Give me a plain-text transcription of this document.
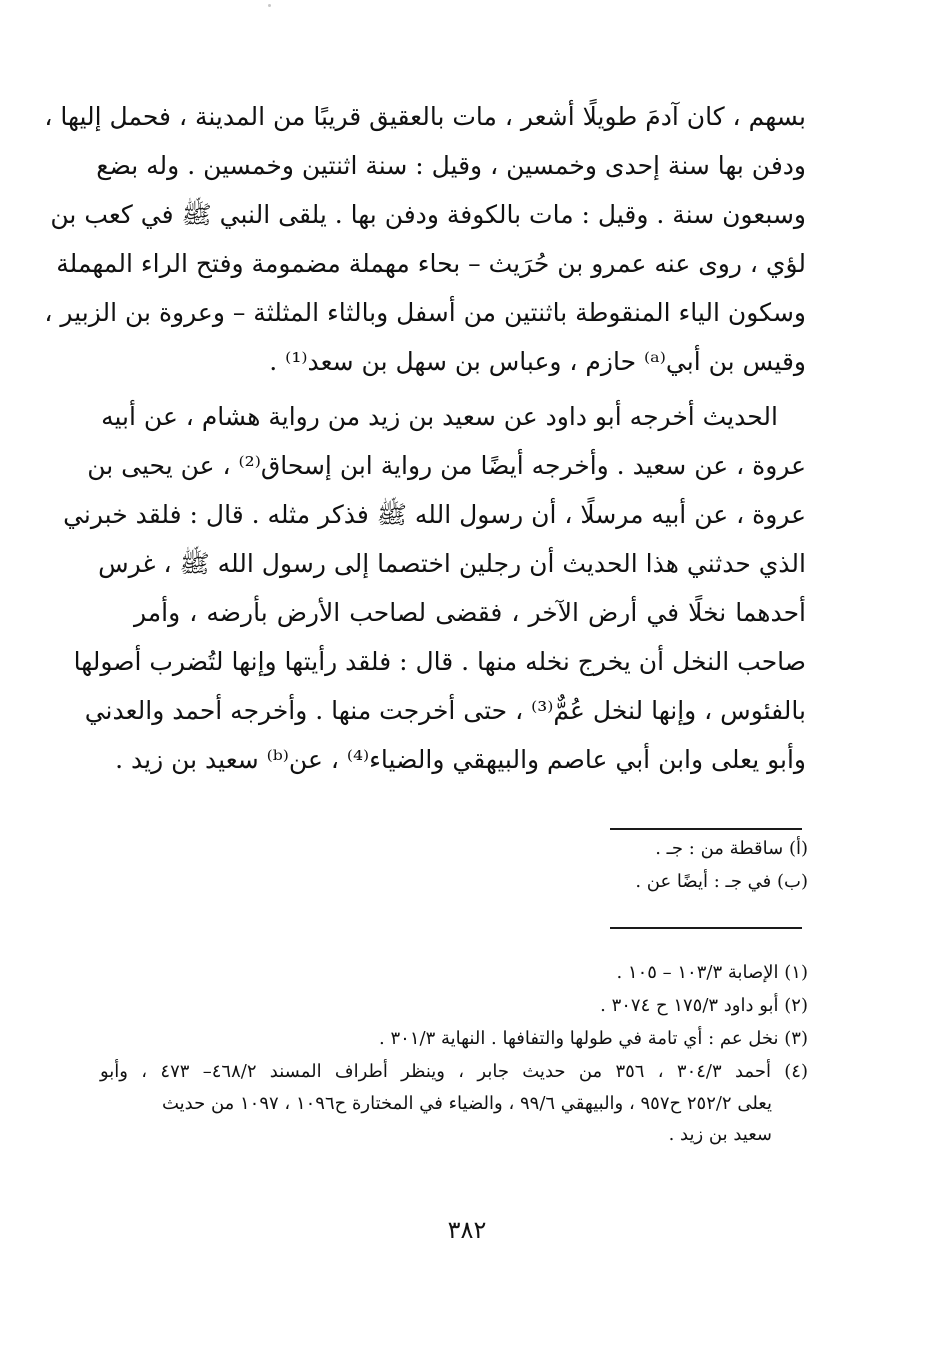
بسهم ، كان آدمَ طويلًا أشعر ، مات بالعقيق قريبًا من المدينة ، فحمل إليها ،
ودفن بها سنة إحدى وخمسين ، وقيل : سنة اثنتين وخمسين . وله بضع
وسبعون سنة . وقيل : مات بالكوفة ودفن بها . يلقى النبي ﷺ في كعب بن
لؤي ، روى عنه عمرو بن حُرَيث – بحاء مهملة مضمومة وفتح الراء المهملة
وسكون الياء المنقوطة باثنتين من أسفل وبالثاء المثلثة – وعروة بن الزبير ،
وقيس بن أبي⁽ᵃ⁾ حازم ، وعباس بن سهل بن سعد⁽¹⁾ .
الحديث أخرجه أبو داود عن سعيد بن زيد من رواية هشام ، عن أبيه
عروة ، عن سعيد . وأخرجه أيضًا من رواية ابن إسحاق⁽²⁾ ، عن يحيى بن
عروة ، عن أبيه مرسلًا ، أن رسول الله ﷺ فذكر مثله . قال : فلقد خبرني
الذي حدثني هذا الحديث أن رجلين اختصما إلى رسول الله ﷺ ، غرس
أحدهما نخلًا في أرض الآخر ، فقضى لصاحب الأرض بأرضه ، وأمر
صاحب النخل أن يخرج نخله منها . قال : فلقد رأيتها وإنها لتُضرب أصولها
بالفئوس ، وإنها لنخل عُمٌّ⁽³⁾ ، حتى أخرجت منها . وأخرجه أحمد والعدني
وأبو يعلى وابن أبي عاصم والبيهقي والضياء⁽⁴⁾ ، عن⁽ᵇ⁾ سعيد بن زيد .
(أ) ساقطة من : جـ .
(ب) في جـ : أيضًا عن .
(١) الإصابة ١٠٣/٣ – ١٠٥ .
(٢) أبو داود ١٧٥/٣ ح ٣٠٧٤ .
(٣) نخل عم : أي تامة في طولها والتفافها . النهاية ٣٠١/٣ .
(٤) أحمد ٣٠٤/٣ ، ٣٥٦ من حديث جابر ، وينظر أطراف المسند ٤٦٨/٢– ٤٧٣ ، وأبو
يعلى ٢٥٢/٢ ح٩٥٧ ، والبيهقي ٩٩/٦ ، والضياء في المختارة ح١٠٩٦ ، ١٠٩٧ من حديث
سعيد بن زيد .
٣٨٢
